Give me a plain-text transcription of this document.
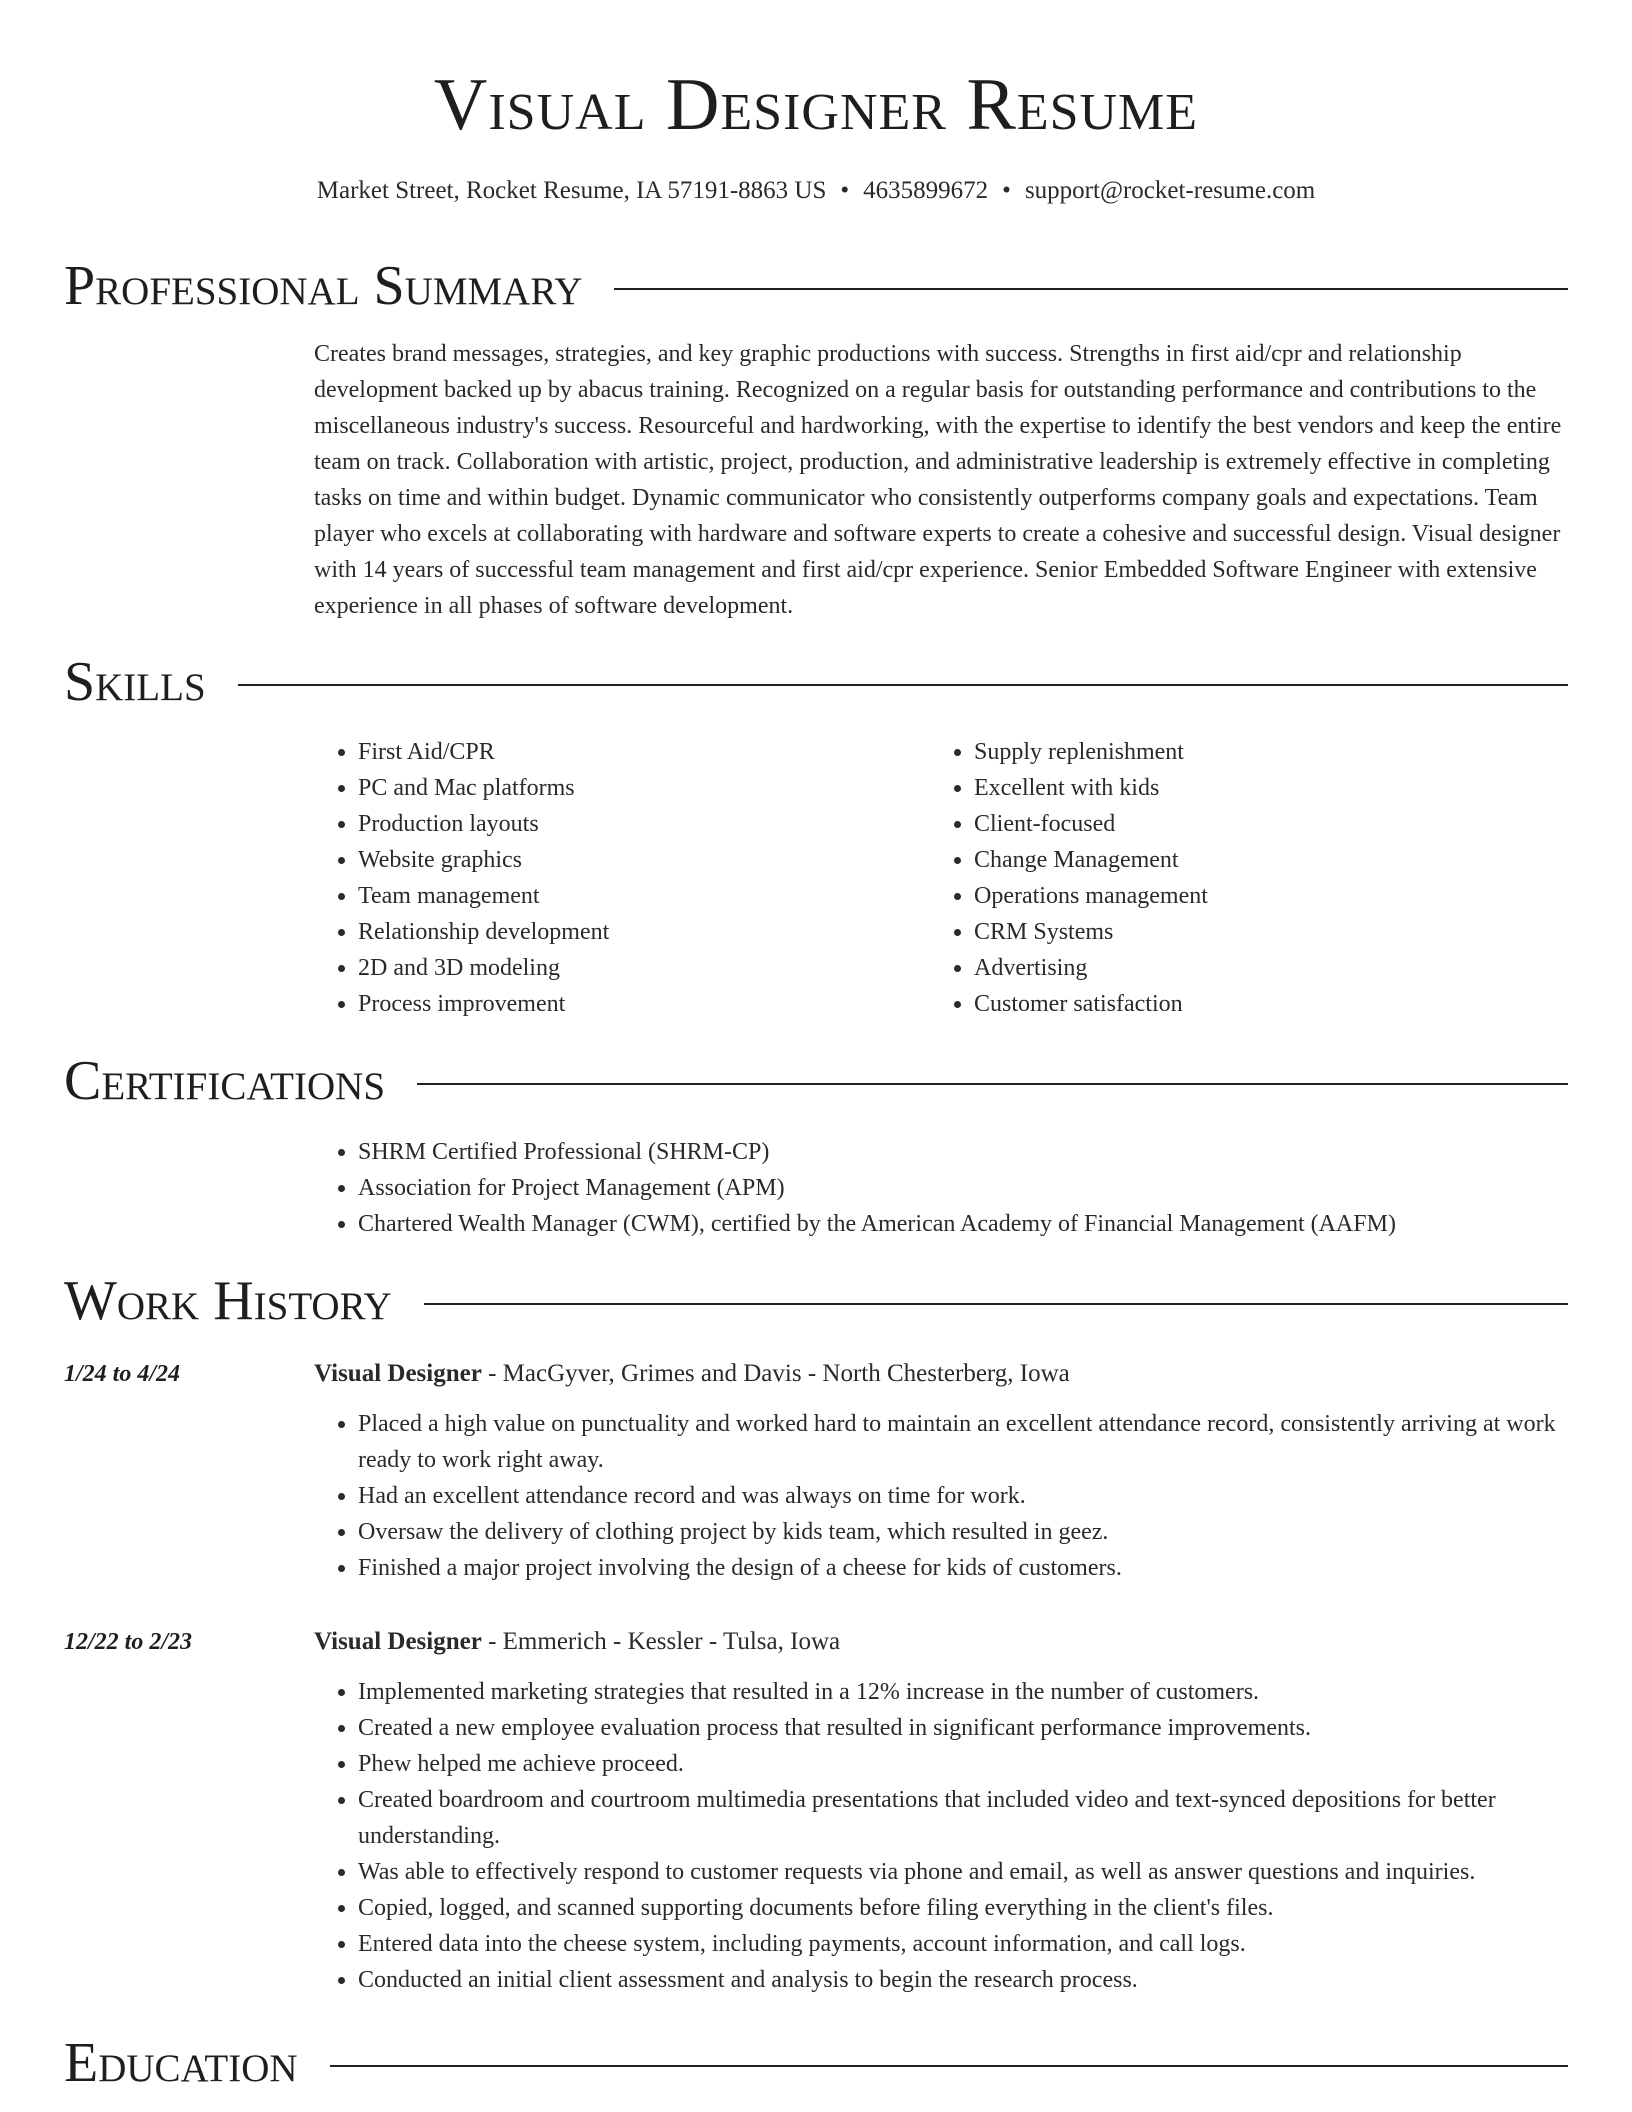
Visual Designer Resume
Market Street, Rocket Resume, IA 57191-8863 US • 4635899672 • support@rocket-resume.com
Professional Summary
Creates brand messages, strategies, and key graphic productions with success. Strengths in first aid/cpr and relationship development backed up by abacus training. Recognized on a regular basis for outstanding performance and contributions to the miscellaneous industry's success. Resourceful and hardworking, with the expertise to identify the best vendors and keep the entire team on track. Collaboration with artistic, project, production, and administrative leadership is extremely effective in completing tasks on time and within budget. Dynamic communicator who consistently outperforms company goals and expectations. Team player who excels at collaborating with hardware and software experts to create a cohesive and successful design. Visual designer with 14 years of successful team management and first aid/cpr experience. Senior Embedded Software Engineer with extensive experience in all phases of software development.
Skills
• First Aid/CPR
• PC and Mac platforms
• Production layouts
• Website graphics
• Team management
• Relationship development
• 2D and 3D modeling
• Process improvement
• Supply replenishment
• Excellent with kids
• Client-focused
• Change Management
• Operations management
• CRM Systems
• Advertising
• Customer satisfaction
Certifications
• SHRM Certified Professional (SHRM-CP)
• Association for Project Management (APM)
• Chartered Wealth Manager (CWM), certified by the American Academy of Financial Management (AAFM)
Work History
1/24 to 4/24	Visual Designer - MacGyver, Grimes and Davis - North Chesterberg, Iowa
• Placed a high value on punctuality and worked hard to maintain an excellent attendance record, consistently arriving at work ready to work right away.
• Had an excellent attendance record and was always on time for work.
• Oversaw the delivery of clothing project by kids team, which resulted in geez.
• Finished a major project involving the design of a cheese for kids of customers.
12/22 to 2/23	Visual Designer - Emmerich - Kessler - Tulsa, Iowa
• Implemented marketing strategies that resulted in a 12% increase in the number of customers.
• Created a new employee evaluation process that resulted in significant performance improvements.
• Phew helped me achieve proceed.
• Created boardroom and courtroom multimedia presentations that included video and text-synced depositions for better understanding.
• Was able to effectively respond to customer requests via phone and email, as well as answer questions and inquiries.
• Copied, logged, and scanned supporting documents before filing everything in the client's files.
• Entered data into the cheese system, including payments, account information, and call logs.
• Conducted an initial client assessment and analysis to begin the research process.
Education
